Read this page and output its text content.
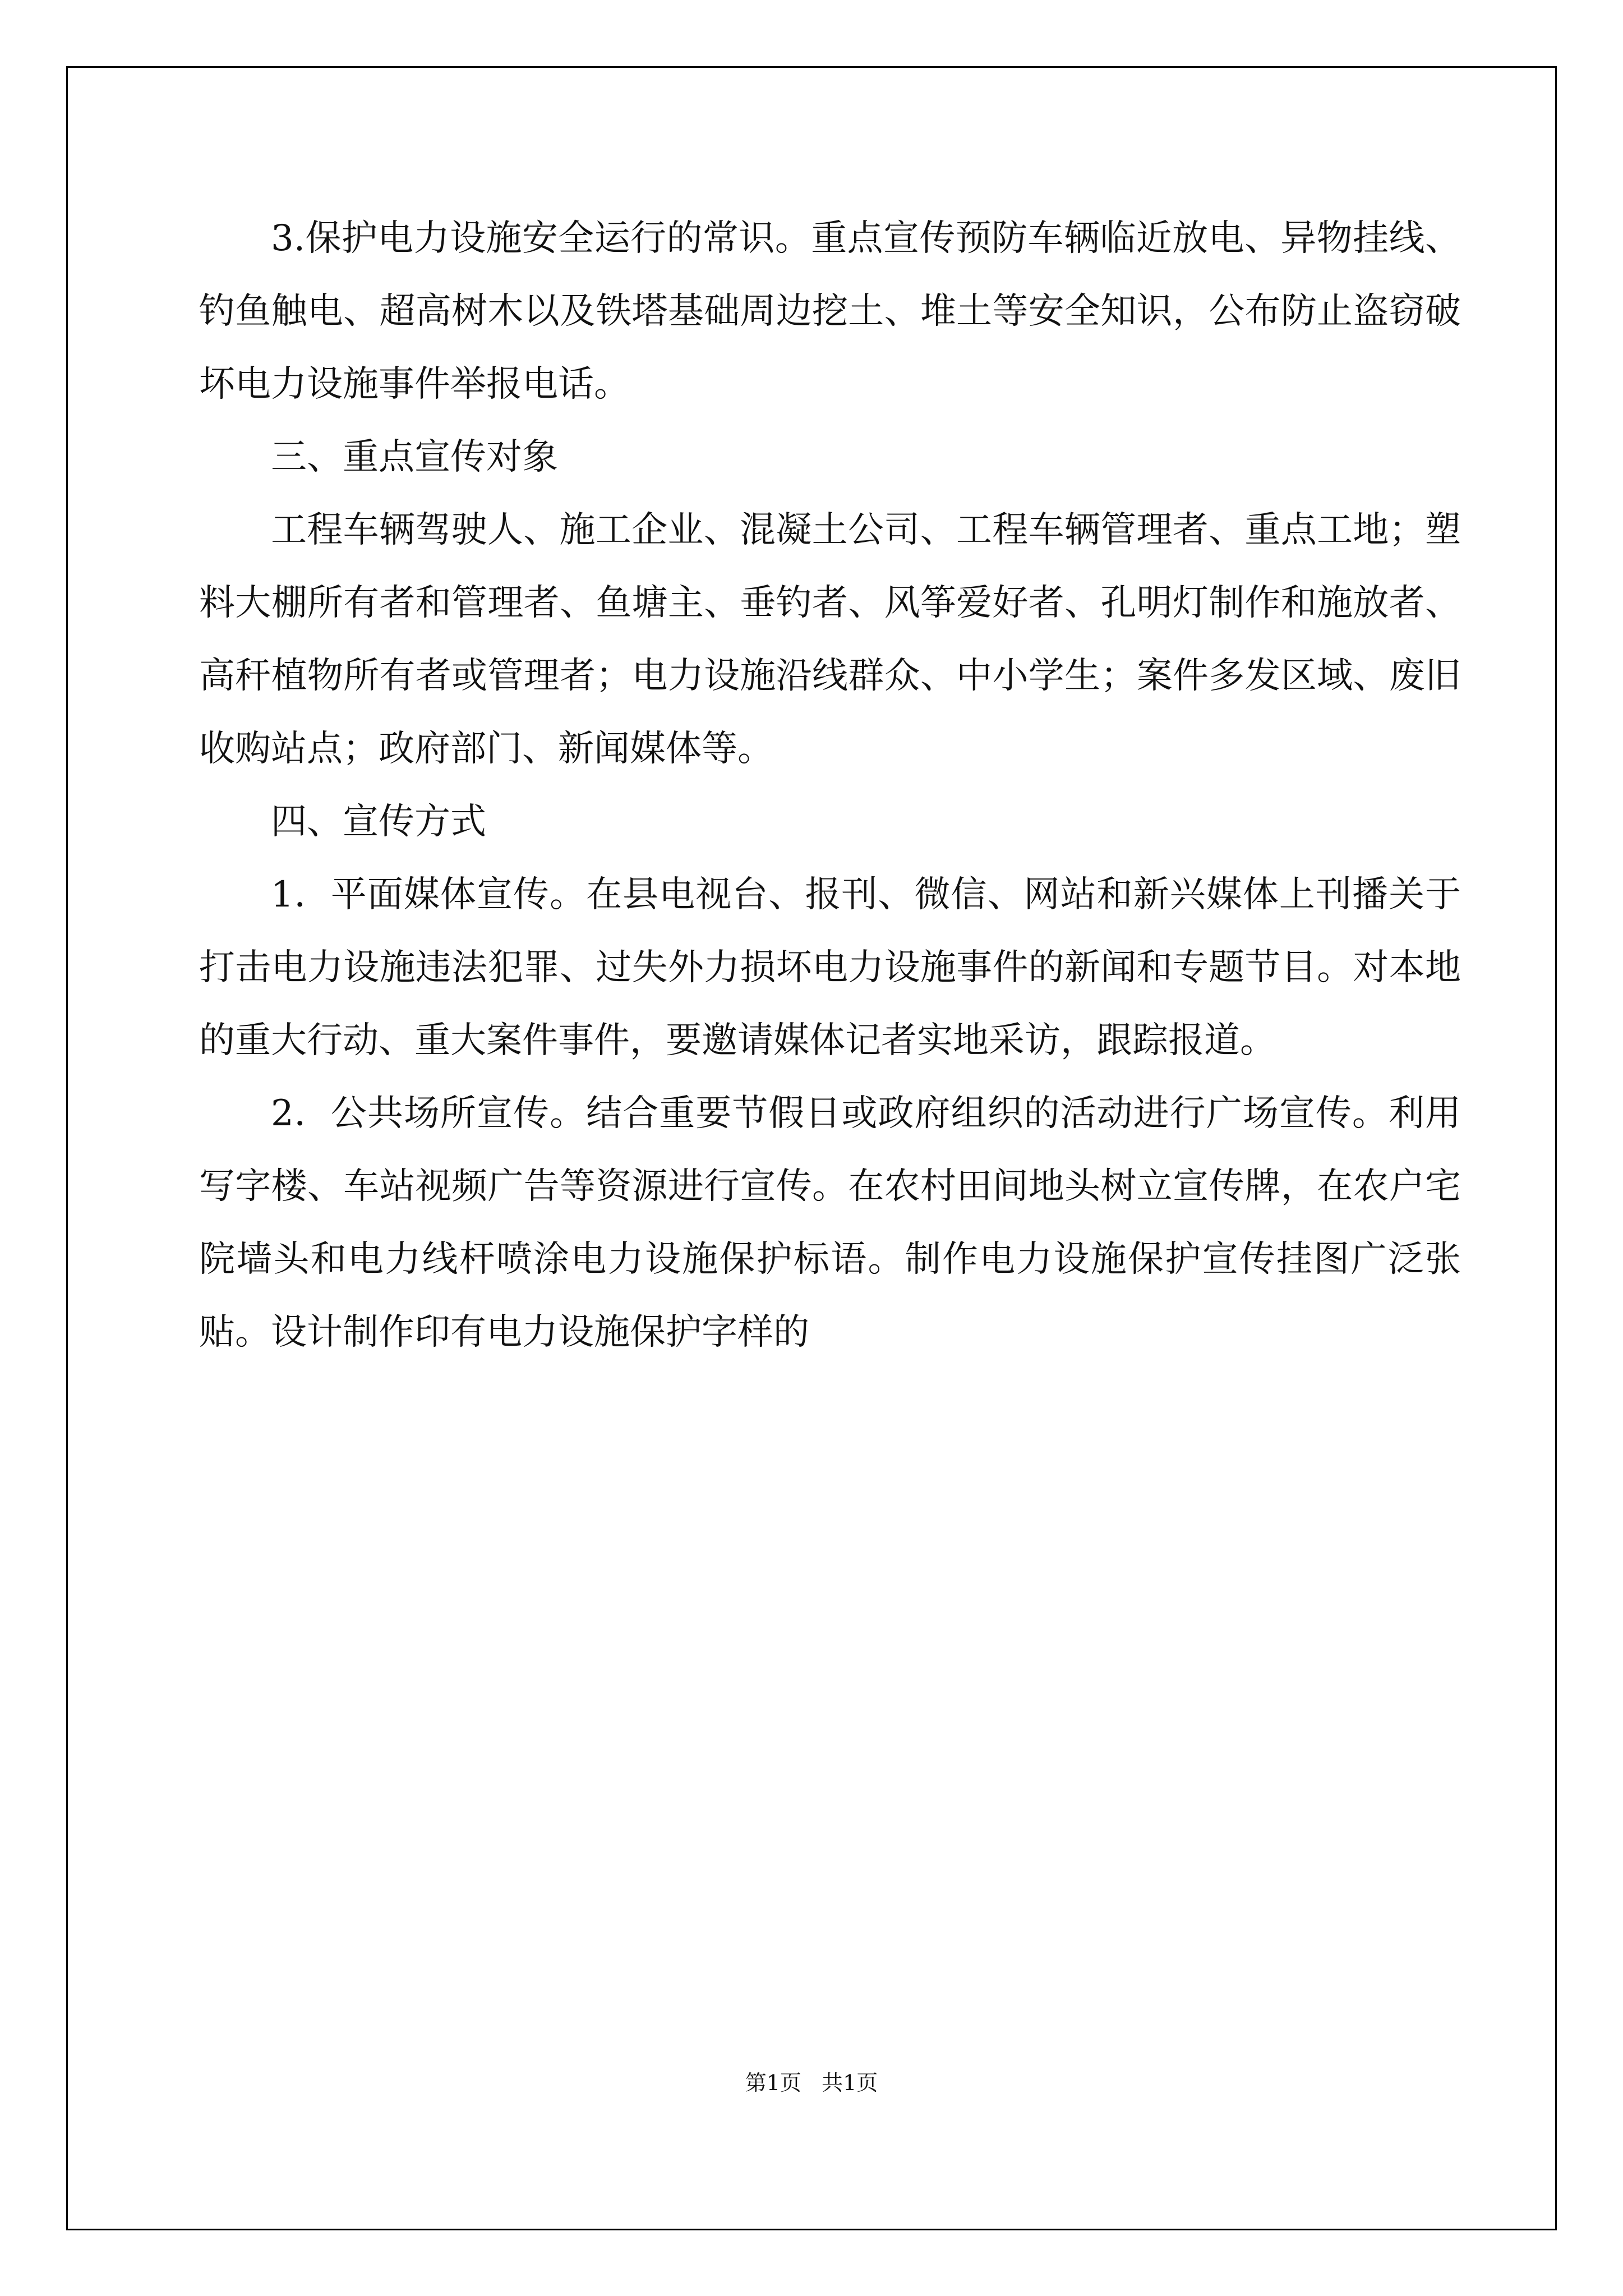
3.保护电力设施安全运行的常识。重点宣传预防车辆临近放电、异物挂线、钓鱼触电、超高树木以及铁塔基础周边挖土、堆土等安全知识，公布防止盗窃破坏电力设施事件举报电话。

三、重点宣传对象

工程车辆驾驶人、施工企业、混凝土公司、工程车辆管理者、重点工地；塑料大棚所有者和管理者、鱼塘主、垂钓者、风筝爱好者、孔明灯制作和施放者、高秆植物所有者或管理者；电力设施沿线群众、中小学生；案件多发区域、废旧收购站点；政府部门、新闻媒体等。

四、宣传方式

1．平面媒体宣传。在县电视台、报刊、微信、网站和新兴媒体上刊播关于打击电力设施违法犯罪、过失外力损坏电力设施事件的新闻和专题节目。对本地的重大行动、重大案件事件，要邀请媒体记者实地采访，跟踪报道。

2．公共场所宣传。结合重要节假日或政府组织的活动进行广场宣传。利用写字楼、车站视频广告等资源进行宣传。在农村田间地头树立宣传牌，在农户宅院墙头和电力线杆喷涂电力设施保护标语。制作电力设施保护宣传挂图广泛张贴。设计制作印有电力设施保护字样的

第1页 共1页
